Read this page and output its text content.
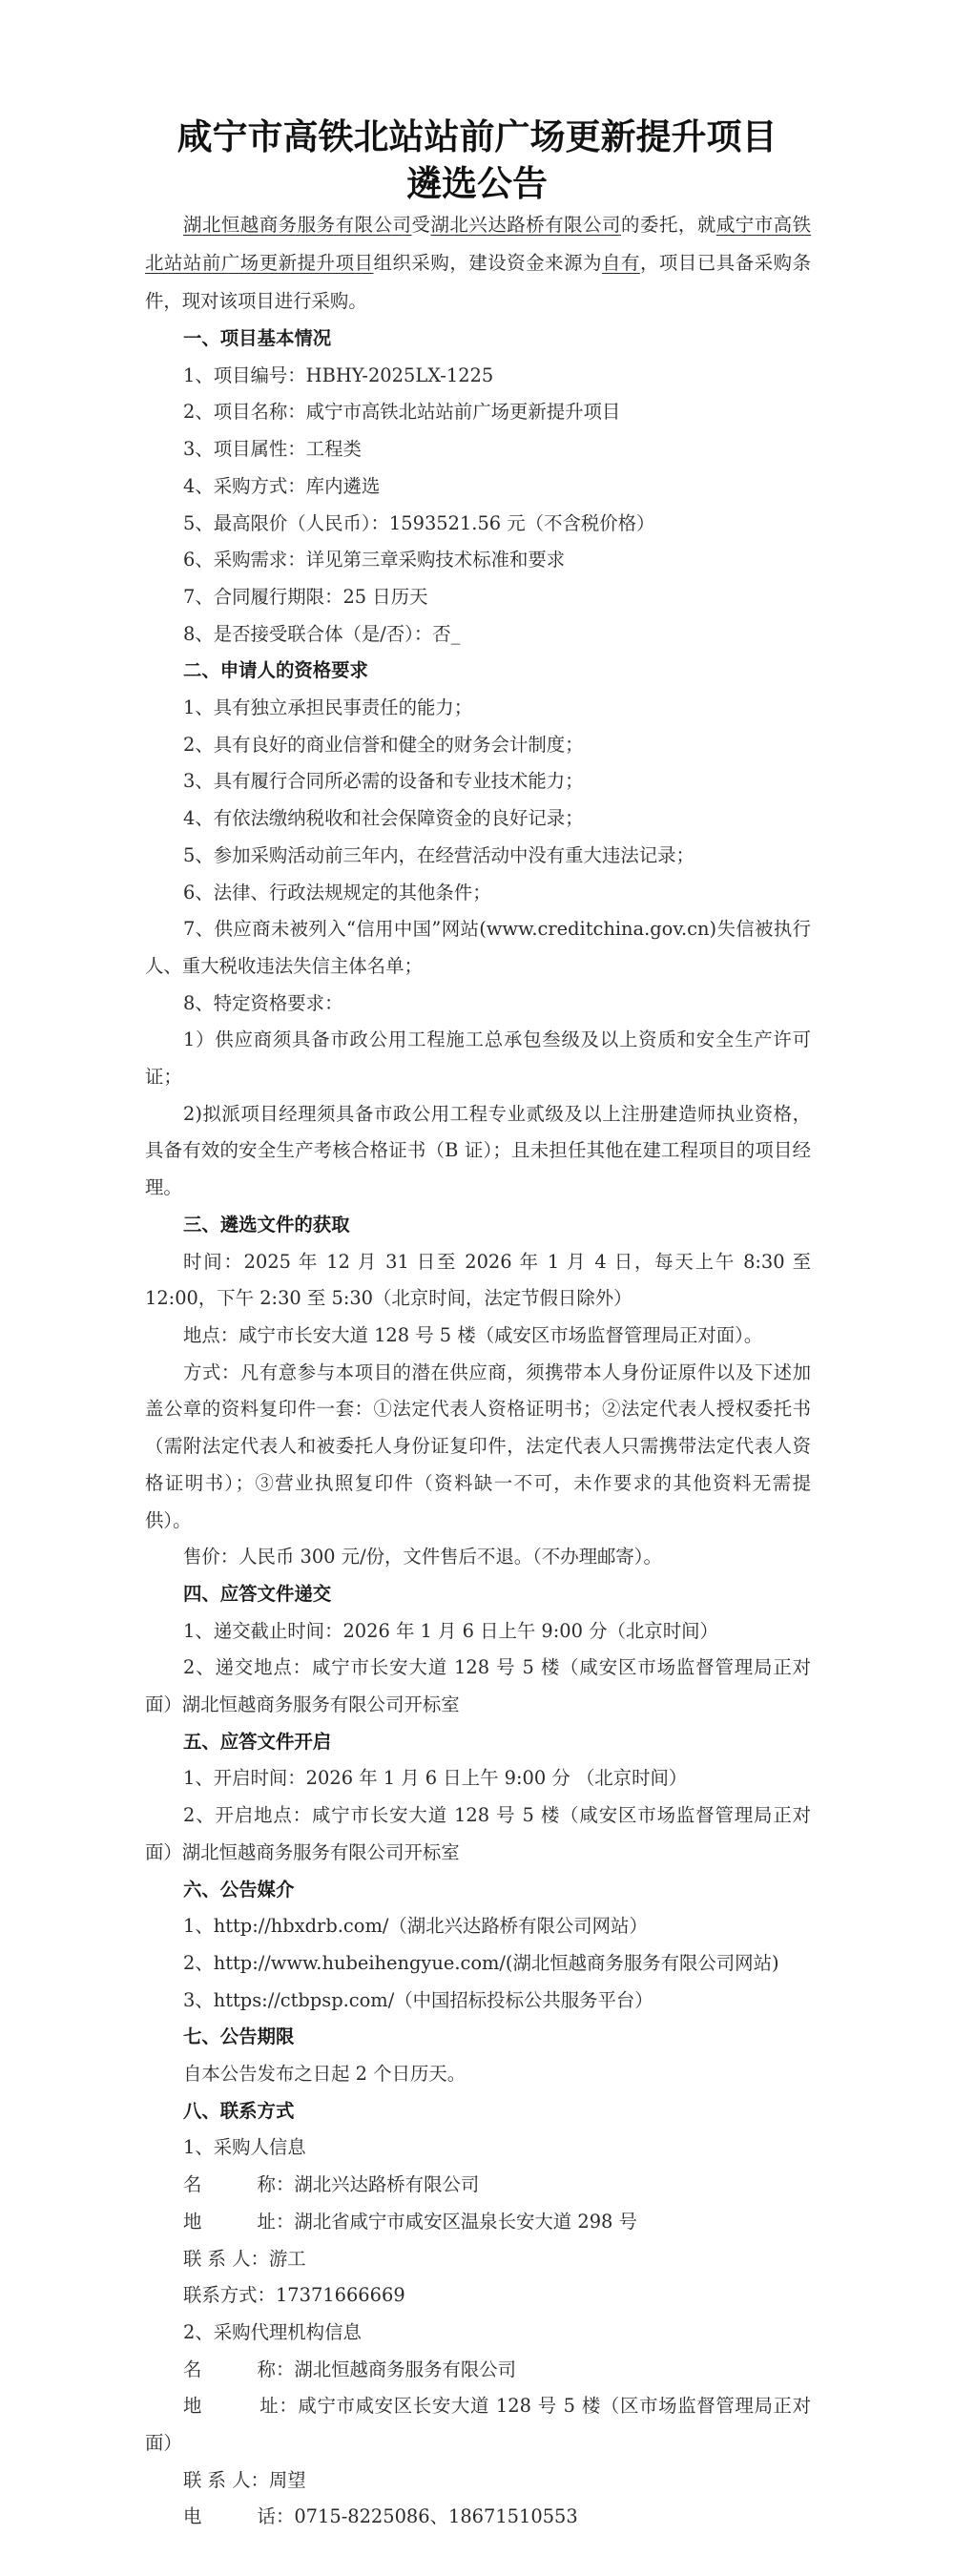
咸宁市高铁北站站前广场更新提升项目
遴选公告

湖北恒越商务服务有限公司受湖北兴达路桥有限公司的委托，就咸宁市高铁北站站前广场更新提升项目组织采购，建设资金来源为自有，项目已具备采购条件，现对该项目进行采购。

一、项目基本情况

1、项目编号：HBHY-2025LX-1225

2、项目名称：咸宁市高铁北站站前广场更新提升项目

3、项目属性：工程类

4、采购方式：库内遴选

5、最高限价（人民币）：1593521.56 元（不含税价格）

6、采购需求：详见第三章采购技术标准和要求

7、合同履行期限：25 日历天

8、是否接受联合体（是/否）：否_

二、申请人的资格要求

1、具有独立承担民事责任的能力；

2、具有良好的商业信誉和健全的财务会计制度；

3、具有履行合同所必需的设备和专业技术能力；

4、有依法缴纳税收和社会保障资金的良好记录；

5、参加采购活动前三年内，在经营活动中没有重大违法记录；

6、法律、行政法规规定的其他条件；

7、供应商未被列入“信用中国”网站(www.creditchina.gov.cn)失信被执行人、重大税收违法失信主体名单；

8、特定资格要求：

1）供应商须具备市政公用工程施工总承包叁级及以上资质和安全生产许可证；

2)拟派项目经理须具备市政公用工程专业贰级及以上注册建造师执业资格，具备有效的安全生产考核合格证书（B 证）；且未担任其他在建工程项目的项目经理。

三、遴选文件的获取

时间：2025 年 12 月 31 日至 2026 年 1 月 4 日，每天上午 8:30 至 12:00，下午 2:30 至 5:30（北京时间，法定节假日除外）

地点：咸宁市长安大道 128 号 5 楼（咸安区市场监督管理局正对面）。

方式：凡有意参与本项目的潜在供应商，须携带本人身份证原件以及下述加盖公章的资料复印件一套：①法定代表人资格证明书；②法定代表人授权委托书（需附法定代表人和被委托人身份证复印件，法定代表人只需携带法定代表人资格证明书）；③营业执照复印件（资料缺一不可，未作要求的其他资料无需提供）。

售价：人民币 300 元/份，文件售后不退。（不办理邮寄）。

四、应答文件递交

1、递交截止时间：2026 年 1 月 6 日上午 9:00 分（北京时间）

2、递交地点：咸宁市长安大道 128 号 5 楼（咸安区市场监督管理局正对面）湖北恒越商务服务有限公司开标室

五、应答文件开启

1、开启时间：2026 年 1 月 6 日上午 9:00 分 （北京时间）

2、开启地点：咸宁市长安大道 128 号 5 楼（咸安区市场监督管理局正对面）湖北恒越商务服务有限公司开标室

六、公告媒介

1、http://hbxdrb.com/（湖北兴达路桥有限公司网站）

2、http://www.hubeihengyue.com/(湖北恒越商务服务有限公司网站)

3、https://ctbpsp.com/（中国招标投标公共服务平台）

七、公告期限

自本公告发布之日起 2 个日历天。

八、联系方式

1、采购人信息

名　　　称：湖北兴达路桥有限公司

地　　　址：湖北省咸宁市咸安区温泉长安大道 298 号

联 系 人：游工

联系方式：17371666669

2、采购代理机构信息

名　　　称：湖北恒越商务服务有限公司

地　　　址：咸宁市咸安区长安大道 128 号 5 楼（区市场监督管理局正对面）

联 系 人：周望

电　　　话：0715-8225086、18671510553
